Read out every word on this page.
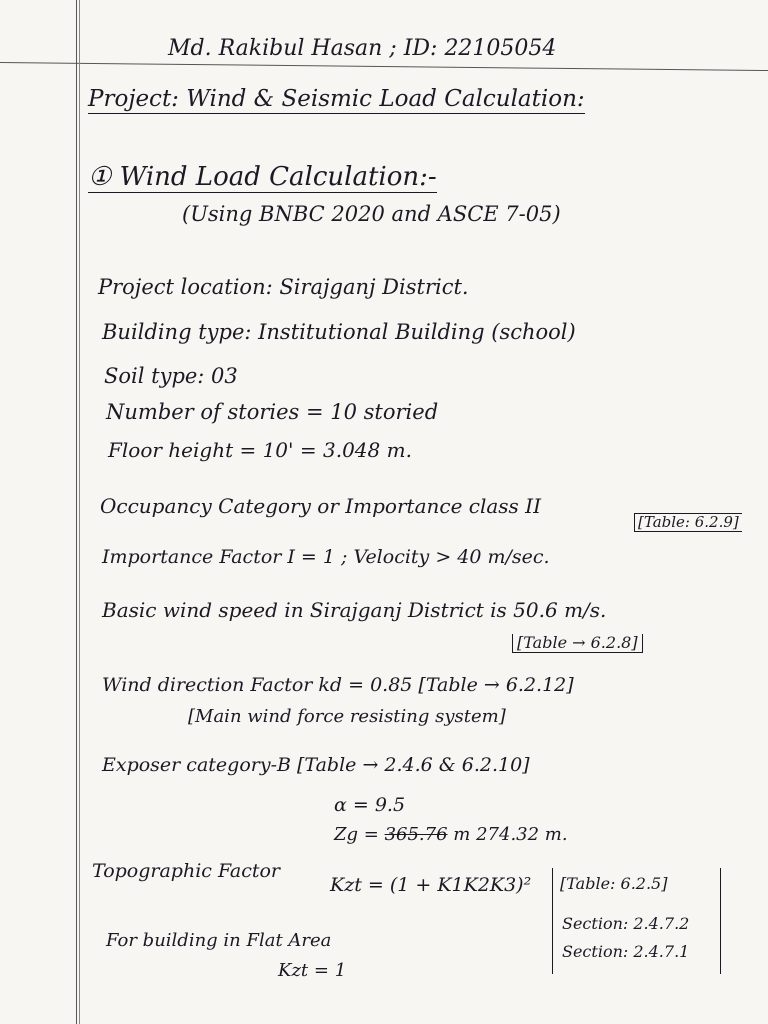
Md. Rakibul Hasan ; ID: 22105054
Project: Wind & Seismic Load Calculation:
① Wind Load Calculation:-
(Using BNBC 2020 and ASCE 7-05)
Project location: Sirajganj District.
Building type: Institutional Building (school)
Soil type: 03
Number of stories = 10 storied
Floor height = 10' = 3.048 m.
Occupancy Category or Importance class II
[Table: 6.2.9]
Importance Factor I = 1 ; Velocity > 40 m/sec.
Basic wind speed in Sirajganj District is 50.6 m/s.
[Table → 6.2.8]
Wind direction Factor kd = 0.85 [Table → 6.2.12]
[Main wind force resisting system]
Exposer category-B [Table → 2.4.6 & 6.2.10]
α = 9.5
Zg = 365.76 m 274.32 m.
Topographic Factor
Kzt = (1 + K1K2K3)² [Table: 6.2.5]
Section: 2.4.7.2
Section: 2.4.7.1
For building in Flat Area
Kzt = 1
